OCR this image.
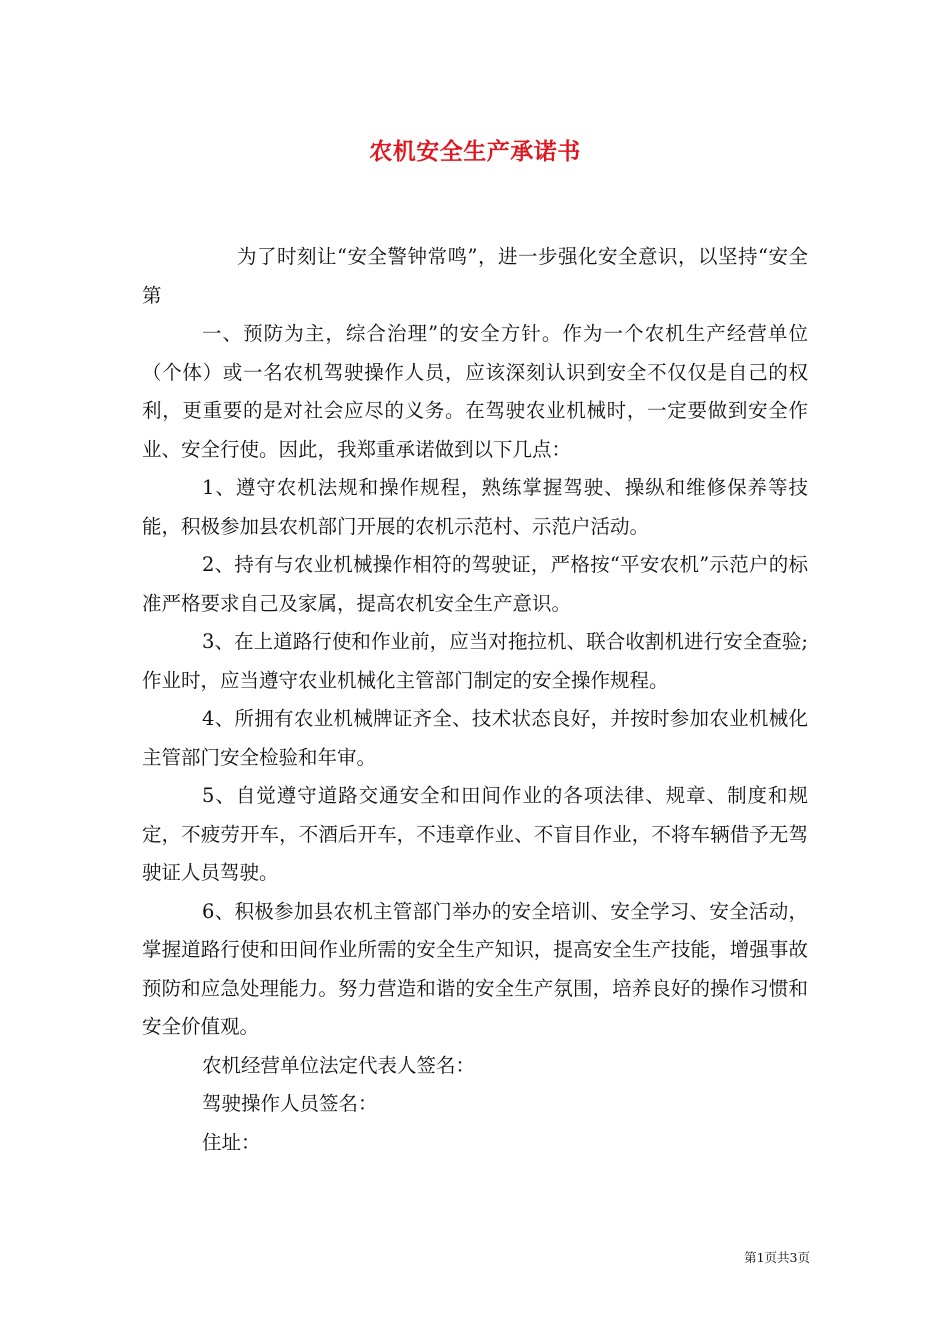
农机安全生产承诺书

为了时刻让“安全警钟常鸣”，进一步强化安全意识，以坚持“安全第

一、预防为主，综合治理”的安全方针。作为一个农机生产经营单位（个体）或一名农机驾驶操作人员，应该深刻认识到安全不仅仅是自己的权利，更重要的是对社会应尽的义务。在驾驶农业机械时，一定要做到安全作业、安全行使。因此，我郑重承诺做到以下几点：

1、遵守农机法规和操作规程，熟练掌握驾驶、操纵和维修保养等技能，积极参加县农机部门开展的农机示范村、示范户活动。

2、持有与农业机械操作相符的驾驶证，严格按“平安农机”示范户的标准严格要求自己及家属，提高农机安全生产意识。

3、在上道路行使和作业前，应当对拖拉机、联合收割机进行安全查验;作业时，应当遵守农业机械化主管部门制定的安全操作规程。

4、所拥有农业机械牌证齐全、技术状态良好，并按时参加农业机械化主管部门安全检验和年审。

5、自觉遵守道路交通安全和田间作业的各项法律、规章、制度和规定，不疲劳开车，不酒后开车，不违章作业、不盲目作业，不将车辆借予无驾驶证人员驾驶。

6、积极参加县农机主管部门举办的安全培训、安全学习、安全活动，掌握道路行使和田间作业所需的安全生产知识，提高安全生产技能，增强事故预防和应急处理能力。努力营造和谐的安全生产氛围，培养良好的操作习惯和安全价值观。

农机经营单位法定代表人签名：

驾驶操作人员签名：

住址：

第1页共3页
